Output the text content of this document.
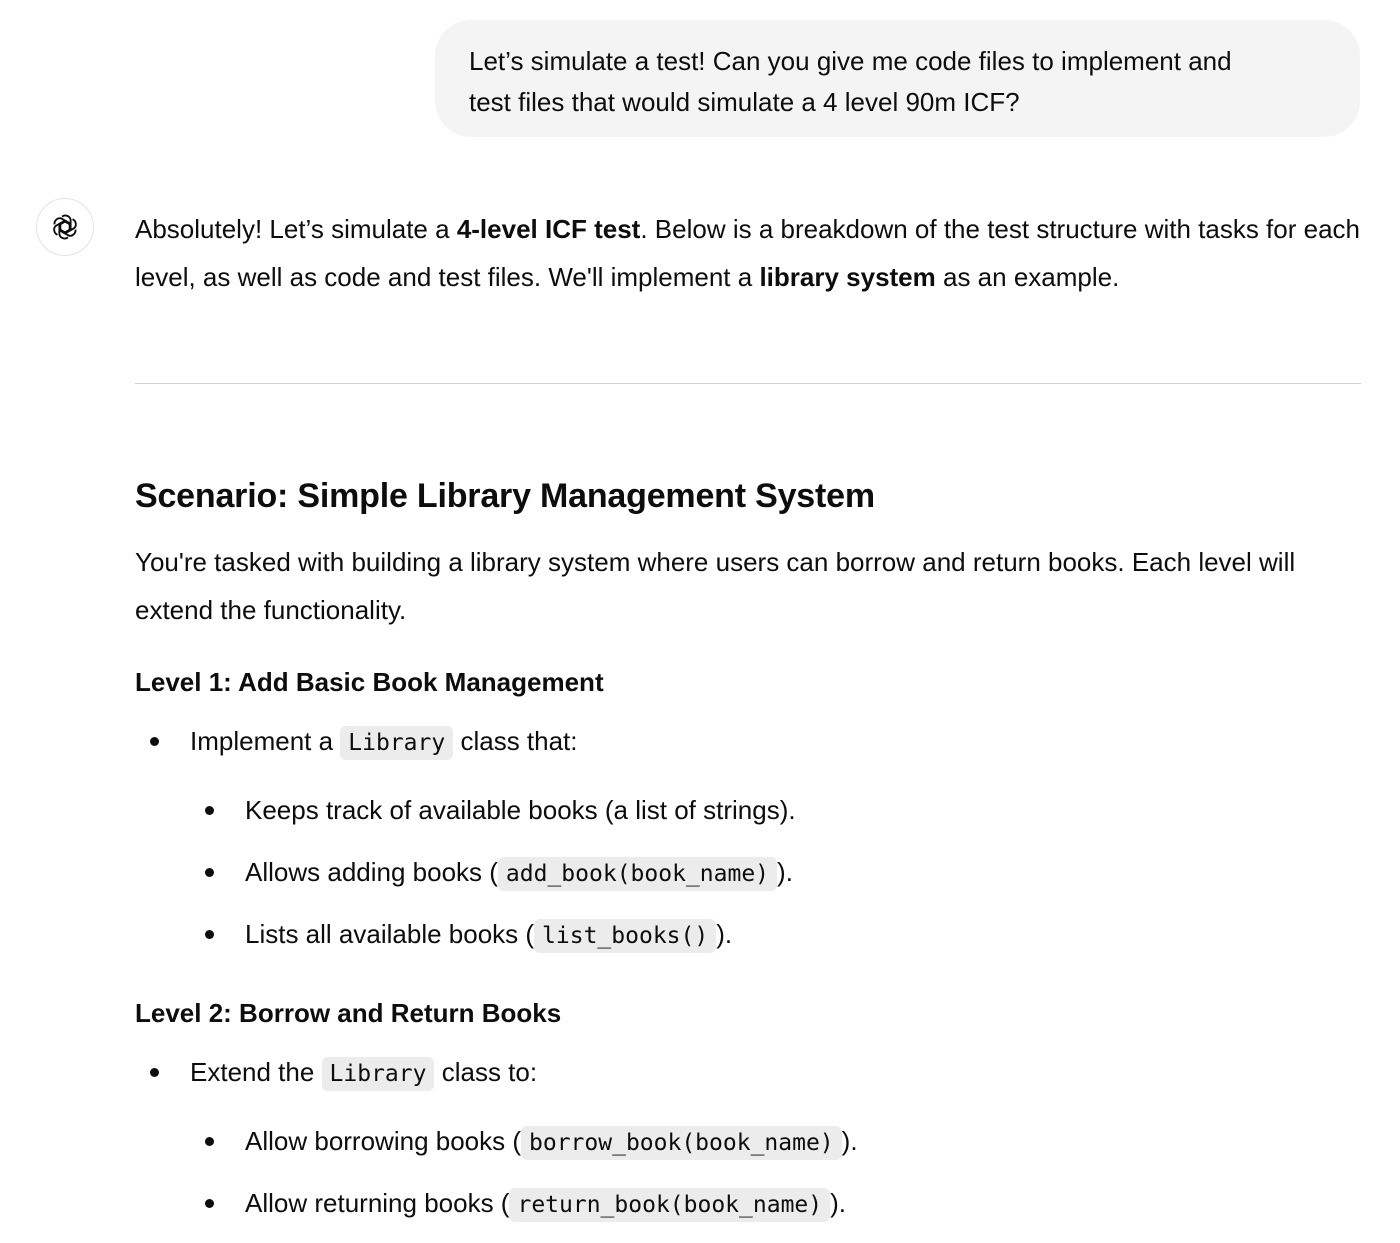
Let’s simulate a test! Can you give me code files to implement and
test files that would simulate a 4 level 90m ICF?

Absolutely! Let’s simulate a 4-level ICF test. Below is a breakdown of the test structure with tasks for each level, as well as code and test files. We'll implement a library system as an example.

Scenario: Simple Library Management System

You're tasked with building a library system where users can borrow and return books. Each level will extend the functionality.

Level 1: Add Basic Book Management
Implement a Library class that:
Keeps track of available books (a list of strings).
Allows adding books ( add_book(book_name) ).
Lists all available books ( list_books() ).
Level 2: Borrow and Return Books
Extend the Library class to:
Allow borrowing books ( borrow_book(book_name) ).
Allow returning books ( return_book(book_name) ).
